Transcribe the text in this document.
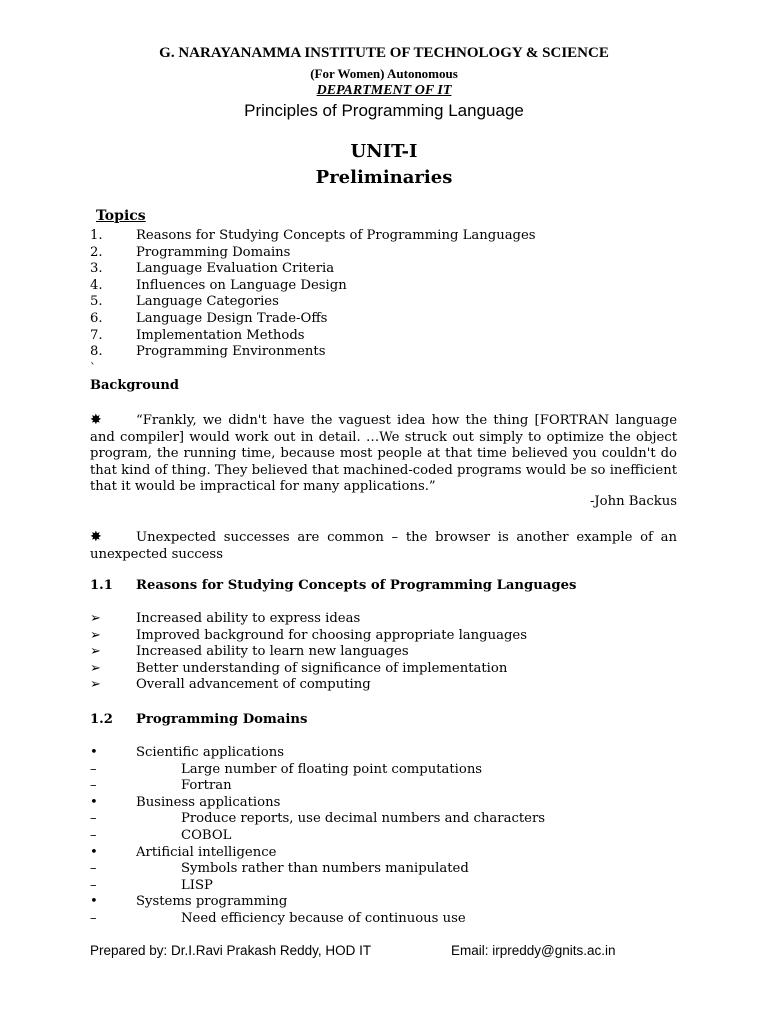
G. NARAYANAMMA INSTITUTE OF TECHNOLOGY & SCIENCE
(For Women) Autonomous
DEPARTMENT OF IT
Principles of Programming Language
UNIT-I
Preliminaries
Topics
1.	Reasons for Studying Concepts of Programming Languages
2.	Programming Domains
3.	Language Evaluation Criteria
4.	Influences on Language Design
5.	Language Categories
6.	Language Design Trade-Offs
7.	Implementation Methods
8.	Programming Environments
`
Background
✸	“Frankly, we didn't have the vaguest idea how the thing [FORTRAN language and compiler] would work out in detail. …We struck out simply to optimize the object program, the running time, because most people at that time believed you couldn't do that kind of thing. They believed that machined-coded programs would be so inefficient that it would be impractical for many applications.”
-John Backus
✸	Unexpected successes are common – the browser is another example of an unexpected success
1.1 Reasons for Studying Concepts of Programming Languages
➢	Increased ability to express ideas
➢	Improved background for choosing appropriate languages
➢	Increased ability to learn new languages
➢	Better understanding of significance of implementation
➢	Overall advancement of computing
1.2 Programming Domains
•	Scientific applications
–	Large number of floating point computations
–	Fortran
•	Business applications
–	Produce reports, use decimal numbers and characters
–	COBOL
•	Artificial intelligence
–	Symbols rather than numbers manipulated
–	LISP
•	Systems programming
–	Need efficiency because of continuous use
Prepared by: Dr.I.Ravi Prakash Reddy, HOD IT	Email: irpreddy@gnits.ac.in
